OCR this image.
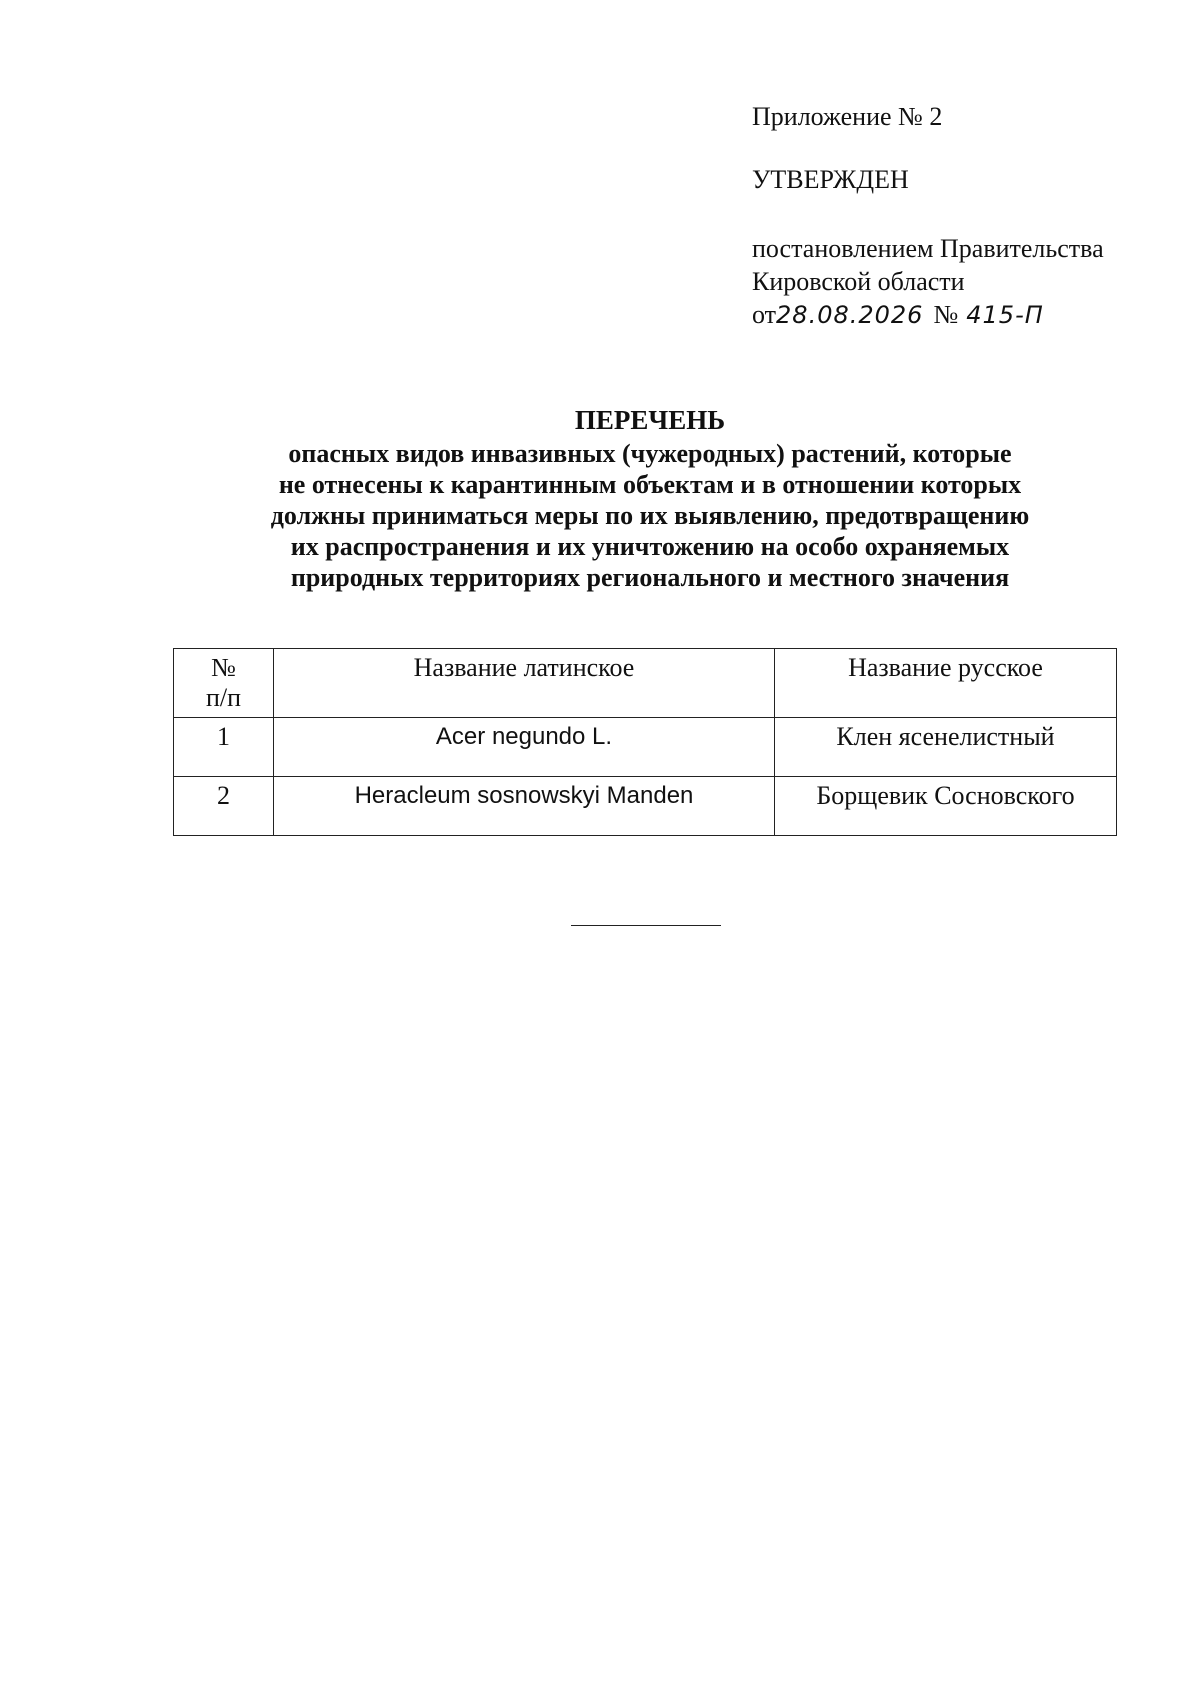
Приложение № 2
УТВЕРЖДЕН
постановлением Правительства
Кировской области
от28.08.2026 № 415-П
ПЕРЕЧЕНЬ
опасных видов инвазивных (чужеродных) растений, которые
не отнесены к карантинным объектам и в отношении которых
должны приниматься меры по их выявлению, предотвращению
их распространения и их уничтожению на особо охраняемых
природных территориях регионального и местного значения
№
п/п	Название латинское	Название русское
1	Acer negundo L.	Клен ясенелистный
2	Heracleum sosnowskyi Manden	Борщевик Сосновского
